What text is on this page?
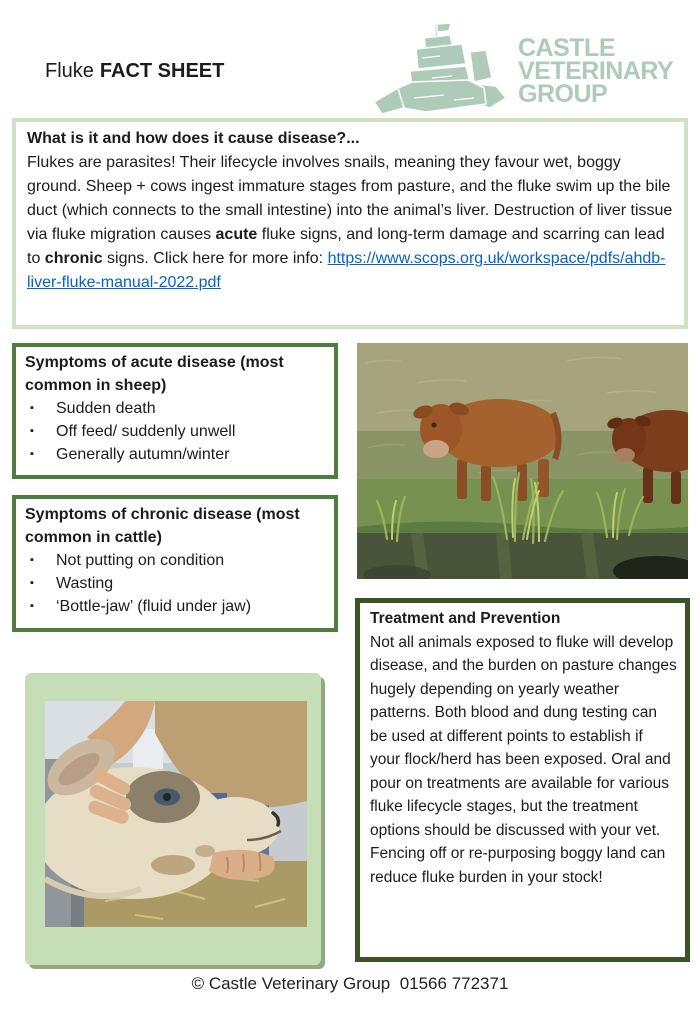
Fluke FACT SHEET
CASTLE
VETERINARY
GROUP
What is it and how does it cause disease?...
Flukes are parasites! Their lifecycle involves snails, meaning they favour wet, boggy ground. Sheep + cows ingest immature stages from pasture, and the fluke swim up the bile duct (which connects to the small intestine) into the animal’s liver. Destruction of liver tissue via fluke migration causes acute fluke signs, and long-term damage and scarring can lead to chronic signs. Click here for more info: https://www.scops.org.uk/workspace/pdfs/ahdb-liver-fluke-manual-2022.pdf
Symptoms of acute disease (most common in sheep)
▪	Sudden death
▪	Off feed/ suddenly unwell
▪	Generally autumn/winter
Symptoms of chronic disease (most common in cattle)
▪	Not putting on condition
▪	Wasting
▪	‘Bottle-jaw’ (fluid under jaw)
Treatment and Prevention
Not all animals exposed to fluke will develop disease, and the burden on pasture changes hugely depending on yearly weather patterns. Both blood and dung testing can be used at different points to establish if your flock/herd has been exposed. Oral and pour on treatments are available for various fluke lifecycle stages, but the treatment options should be discussed with your vet. Fencing off or re-purposing boggy land can reduce fluke burden in your stock!
© Castle Veterinary Group  01566 772371
